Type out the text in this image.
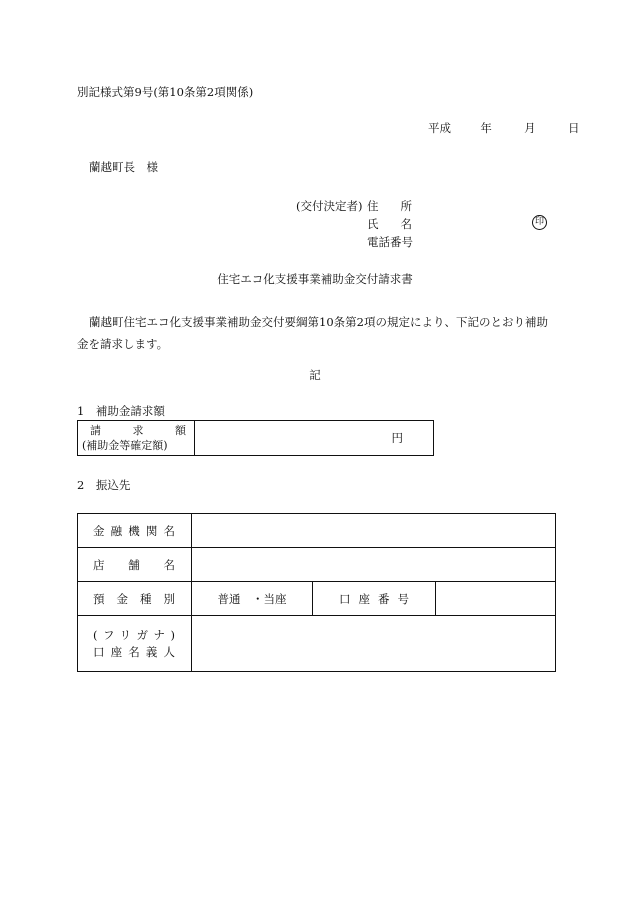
別記様式第9号(第10条第2項関係)
平成	年	月	日
蘭越町長　様
(交付決定者) 住所
氏名	印
電話番号
住宅エコ化支援事業補助金交付請求書
蘭越町住宅エコ化支援事業補助金交付要綱第10条第2項の規定により、下記のとおり補助金を請求します。
記
1　補助金請求額
請求額
(補助金等確定額)	円
2　振込先
金融機関名			

店舗名			

預金種別	普通　・当座	口座番号	

(フリガナ)
口座名義人			
